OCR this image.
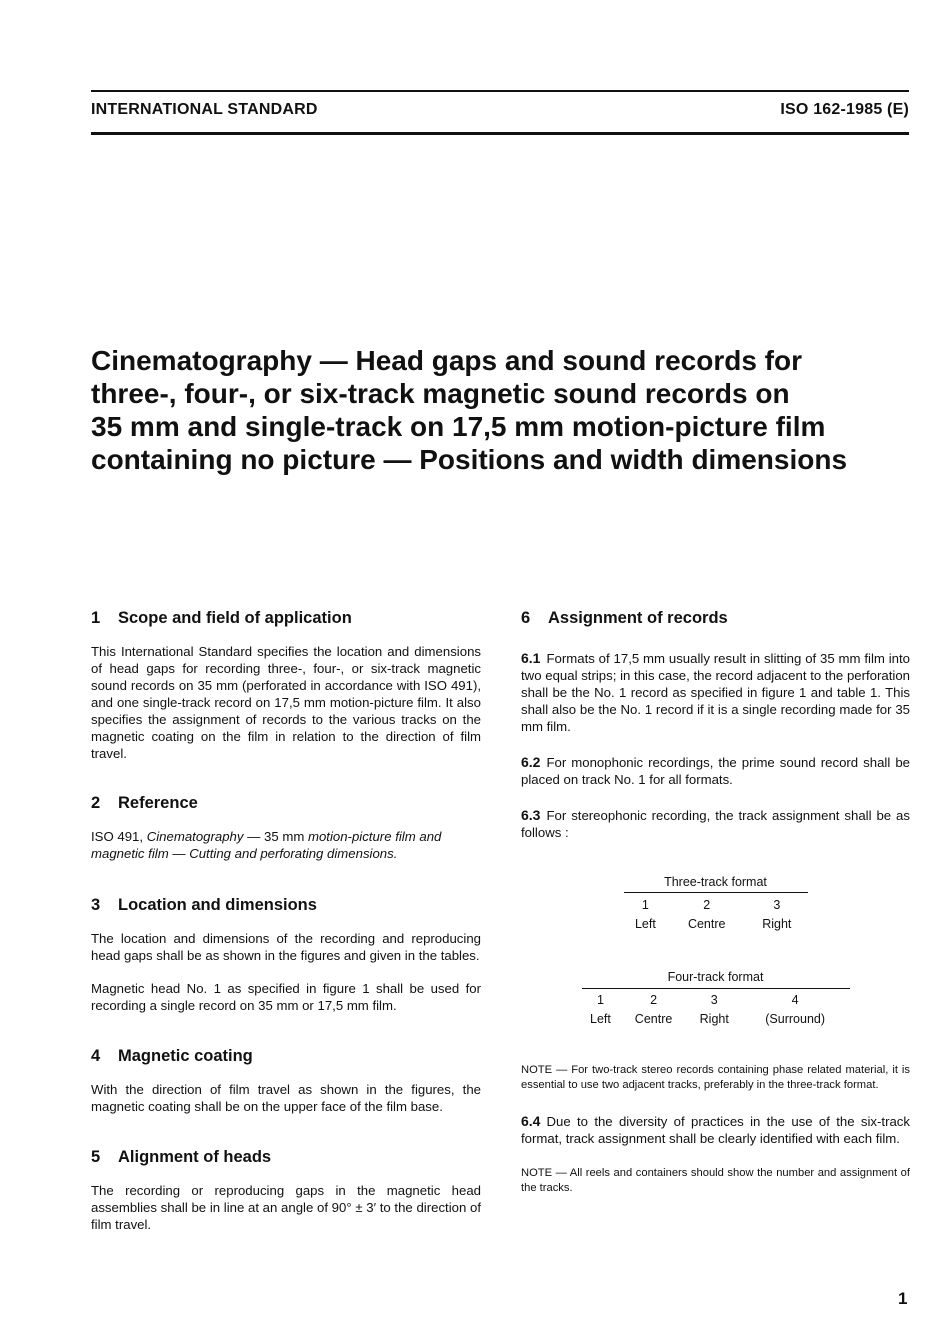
INTERNATIONAL STANDARD	ISO 162-1985 (E)
Cinematography — Head gaps and sound records for
three-, four-, or six-track magnetic sound records on
35 mm and single-track on 17,5 mm motion-picture film
containing no picture — Positions and width dimensions
1 Scope and field of application

This International Standard specifies the location and dimensions of head gaps for recording three-, four-, or six-track magnetic sound records on 35 mm (perforated in accordance with ISO 491), and one single-track record on 17,5 mm motion-picture film. It also specifies the assignment of records to the various tracks on the magnetic coating on the film in relation to the direction of film travel.

2 Reference

ISO 491, Cinematography — 35 mm motion-picture film and magnetic film — Cutting and perforating dimensions.

3 Location and dimensions

The location and dimensions of the recording and reproducing head gaps shall be as shown in the figures and given in the tables.

Magnetic head No. 1 as specified in figure 1 shall be used for recording a single record on 35 mm or 17,5 mm film.

4 Magnetic coating

With the direction of film travel as shown in the figures, the magnetic coating shall be on the upper face of the film base.

5 Alignment of heads

The recording or reproducing gaps in the magnetic head assemblies shall be in line at an angle of 90° ± 3′ to the direction of film travel.

6 Assignment of records

6.1 Formats of 17,5 mm usually result in slitting of 35 mm film into two equal strips; in this case, the record adjacent to the perforation shall be the No. 1 record as specified in figure 1 and table 1. This shall also be the No. 1 record if it is a single recording made for 35 mm film.

6.2 For monophonic recordings, the prime sound record shall be placed on track No. 1 for all formats.

6.3 For stereophonic recording, the track assignment shall be as follows :

Three-track format		
1	2	3
Left	Centre	Right
Four-track format			
1	2	3	4
Left	Centre	Right	(Surround)

NOTE — For two-track stereo records containing phase related material, it is essential to use two adjacent tracks, preferably in the three-track format.

6.4 Due to the diversity of practices in the use of the six-track format, track assignment shall be clearly identified with each film.

NOTE — All reels and containers should show the number and assignment of the tracks.

1
